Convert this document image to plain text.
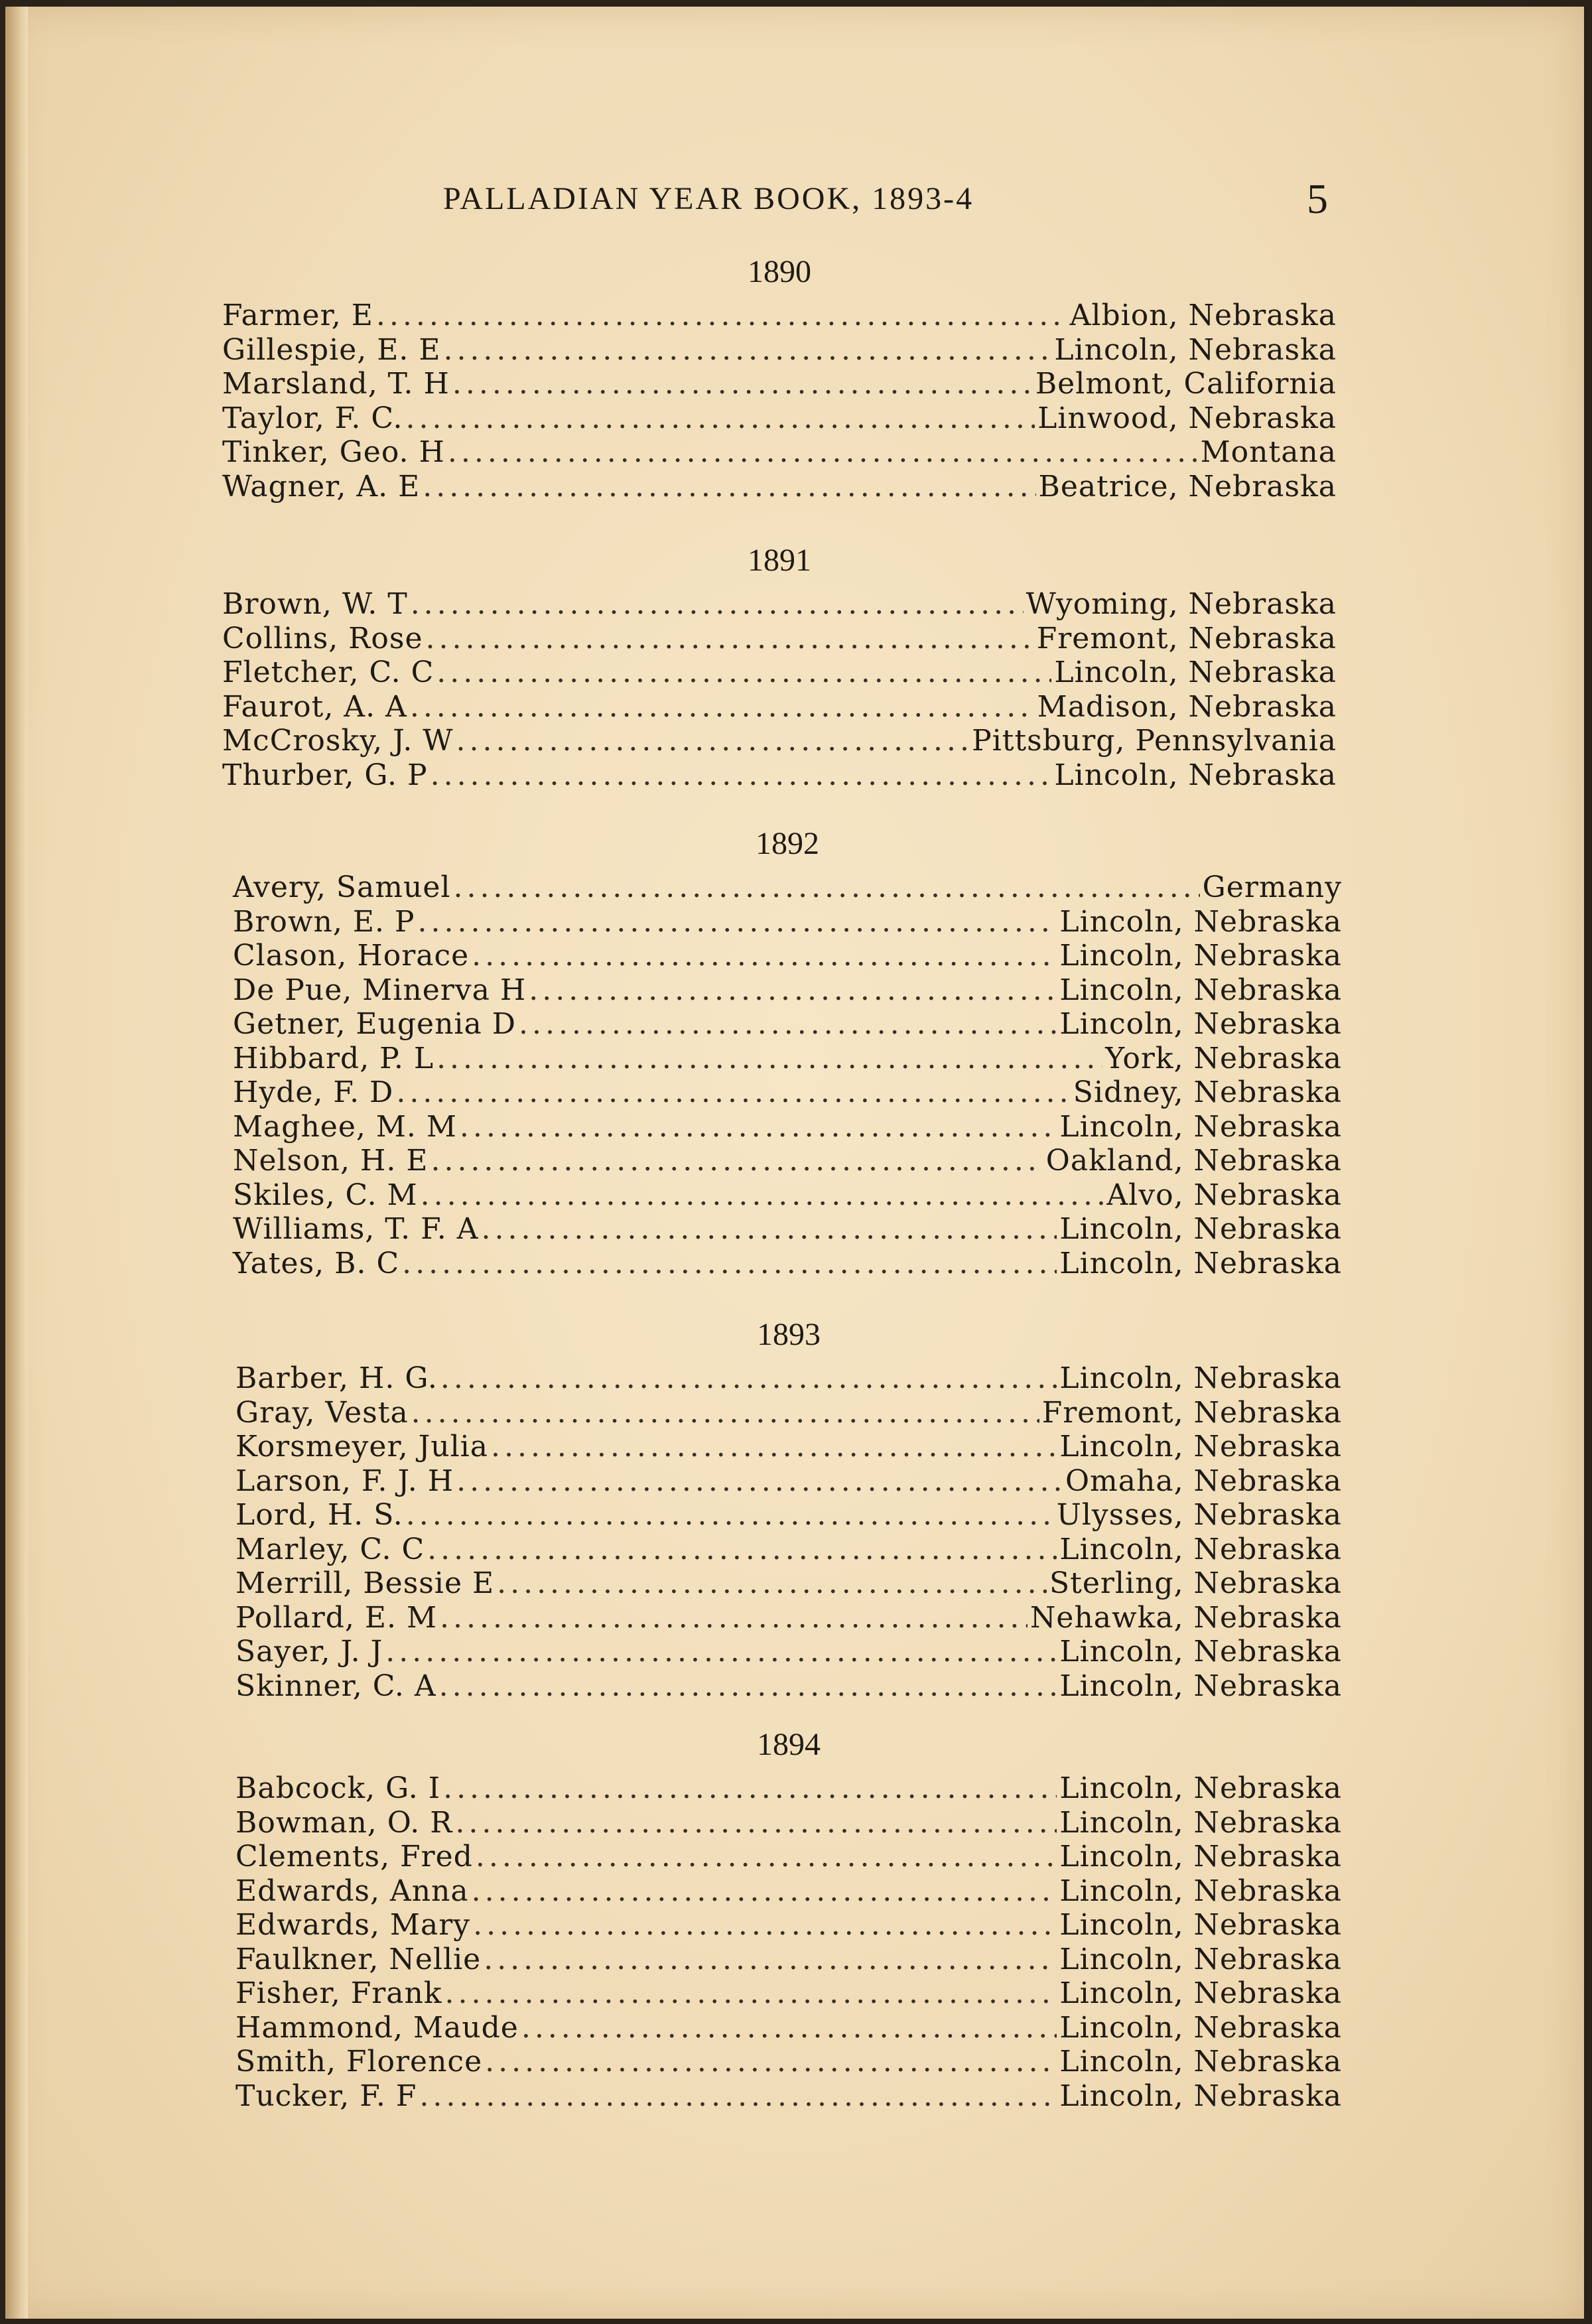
PALLADIAN YEAR BOOK, 1893-4	5
1890
Farmer, E .....	Albion, Nebraska
Gillespie, E. E .....	Lincoln, Nebraska
Marsland, T. H .....	Belmont, California
Taylor, F. C. .....	Linwood, Nebraska
Tinker, Geo. H .....	Montana
Wagner, A. E .....	Beatrice, Nebraska
1891
Brown, W. T .....	Wyoming, Nebraska
Collins, Rose .....	Fremont, Nebraska
Fletcher, C. C .....	Lincoln, Nebraska
Faurot, A. A .....	Madison, Nebraska
McCrosky, J. W .....	Pittsburg, Pennsylvania
Thurber, G. P .....	Lincoln, Nebraska
1892
Avery, Samuel .....	Germany
Brown, E. P .....	Lincoln, Nebraska
Clason, Horace .....	Lincoln, Nebraska
De Pue, Minerva H .....	Lincoln, Nebraska
Getner, Eugenia D .....	Lincoln, Nebraska
Hibbard, P. L .....	York, Nebraska
Hyde, F. D .....	Sidney, Nebraska
Maghee, M. M .....	Lincoln, Nebraska
Nelson, H. E .....	Oakland, Nebraska
Skiles, C. M .....	Alvo, Nebraska
Williams, T. F. A .....	Lincoln, Nebraska
Yates, B. C .....	Lincoln, Nebraska
1893
Barber, H. G. .....	Lincoln, Nebraska
Gray, Vesta .....	Fremont, Nebraska
Korsmeyer, Julia .....	Lincoln, Nebraska
Larson, F. J. H .....	Omaha, Nebraska
Lord, H. S. .....	Ulysses, Nebraska
Marley, C. C .....	Lincoln, Nebraska
Merrill, Bessie E .....	Sterling, Nebraska
Pollard, E. M .....	Nehawka, Nebraska
Sayer, J. J .....	Lincoln, Nebraska
Skinner, C. A .....	Lincoln, Nebraska
1894
Babcock, G. I .....	Lincoln, Nebraska
Bowman, O. R .....	Lincoln, Nebraska
Clements, Fred .....	Lincoln, Nebraska
Edwards, Anna .....	Lincoln, Nebraska
Edwards, Mary .....	Lincoln, Nebraska
Faulkner, Nellie .....	Lincoln, Nebraska
Fisher, Frank .....	Lincoln, Nebraska
Hammond, Maude .....	Lincoln, Nebraska
Smith, Florence .....	Lincoln, Nebraska
Tucker, F. F .....	Lincoln, Nebraska
